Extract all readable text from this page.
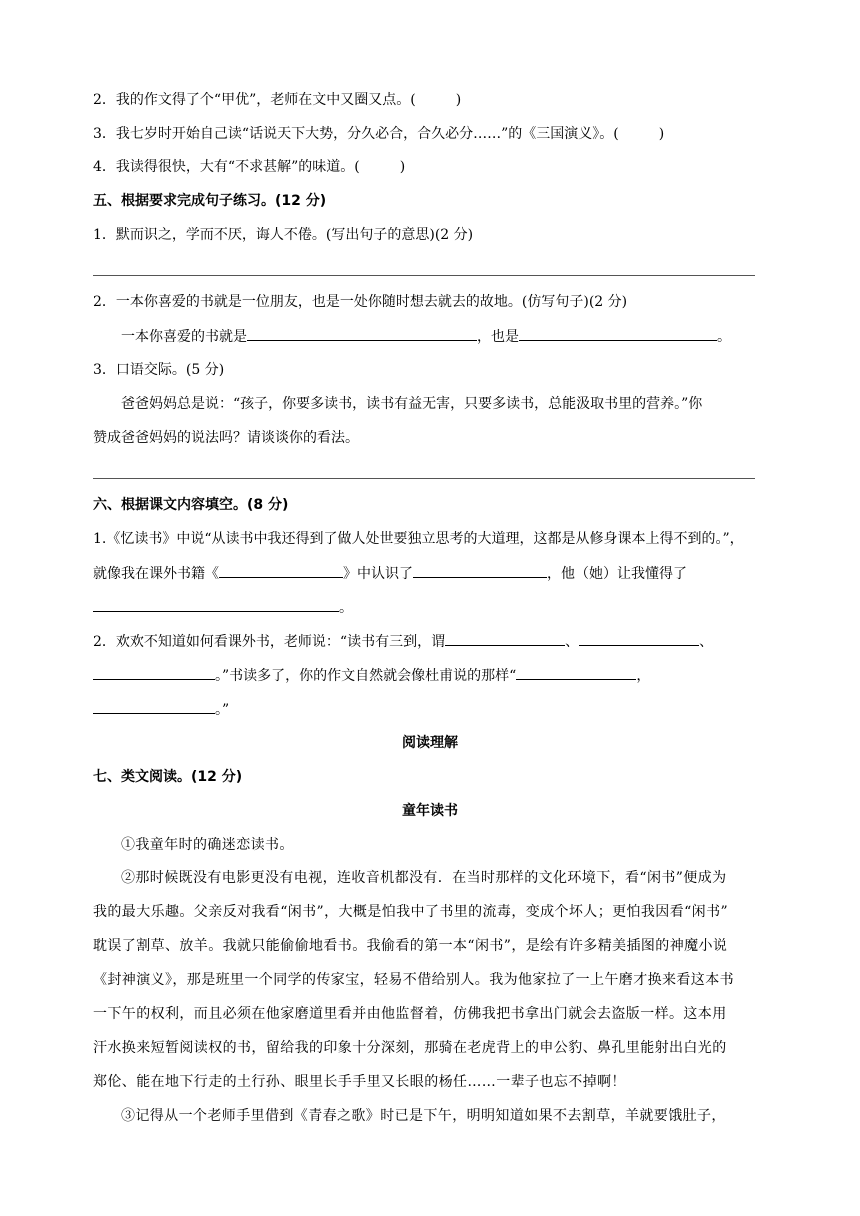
2．我的作文得了个“甲优”，老师在文中又圈又点。(	)
3．我七岁时开始自己读“话说天下大势，分久必合，合久必分……”的《三国演义》。(	)
4．我读得很快，大有“不求甚解”的味道。(	)
五、根据要求完成句子练习。(12 分)
1．默而识之，学而不厌，诲人不倦。(写出句子的意思)(2 分)
2．一本你喜爱的书就是一位朋友，也是一处你随时想去就去的故地。(仿写句子)(2 分)
一本你喜爱的书就是	，也是	。
3．口语交际。(5 分)
爸爸妈妈总是说：“孩子，你要多读书，读书有益无害，只要多读书，总能汲取书里的营养。”你
赞成爸爸妈妈的说法吗？请谈谈你的看法。
六、根据课文内容填空。(8 分)
1.《忆读书》中说“从读书中我还得到了做人处世要独立思考的大道理，这都是从修身课本上得不到的。”，
就像我在课外书籍《	》中认识了	，他（她）让我懂得了
。
2．欢欢不知道如何看课外书，老师说：“读书有三到，谓	、	、
。”书读多了，你的作文自然就会像杜甫说的那样“	，
。”
阅读理解
七、类文阅读。(12 分)
童年读书
①我童年时的确迷恋读书。
②那时候既没有电影更没有电视，连收音机都没有．在当时那样的文化环境下，看“闲书”便成为
我的最大乐趣。父亲反对我看“闲书”，大概是怕我中了书里的流毒，变成个坏人；更怕我因看“闲书”
耽误了割草、放羊。我就只能偷偷地看书。我偷看的第一本“闲书”，是绘有许多精美插图的神魔小说
《封神演义》，那是班里一个同学的传家宝，轻易不借给别人。我为他家拉了一上午磨才换来看这本书
一下午的权利，而且必须在他家磨道里看并由他监督着，仿佛我把书拿出门就会去盗版一样。这本用
汗水换来短暂阅读权的书，留给我的印象十分深刻，那骑在老虎背上的申公豹、鼻孔里能射出白光的
郑伦、能在地下行走的土行孙、眼里长手手里又长眼的杨任……一辈子也忘不掉啊！
③记得从一个老师手里借到《青春之歌》时已是下午，明明知道如果不去割草，羊就要饿肚子，
